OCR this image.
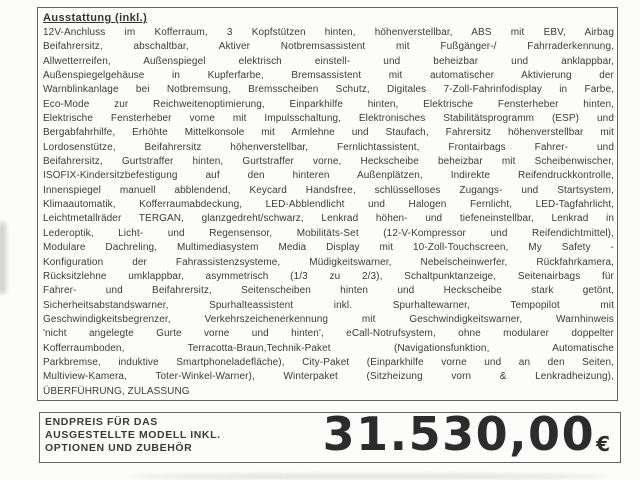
Ausstattung (inkl.)
12V-Anchluss im Kofferraum, 3 Kopfstützen hinten, höhenverstellbar, ABS mit EBV, Airbag
Beifahrersitz, abschaltbar, Aktiver Notbremsassistent mit Fußgänger-/ Fahrraderkennung,
Allwetterreifen, Außenspiegel elektrisch einstell- und beheizbar und anklappbar,
Außenspiegelgehäuse in Kupferfarbe, Bremsassistent mit automatischer Aktivierung der
Warnblinkanlage bei Notbremsung, Bremsscheiben Schutz, Digitales 7-Zoll-Fahrinfodisplay in Farbe,
Eco-Mode zur Reichweitenoptimierung, Einparkhilfe hinten, Elektrische Fensterheber hinten,
Elektrische Fensterheber vorne mit Impulsschaltung, Elektronisches Stabilitätsprogramm (ESP) und
Bergabfahrhilfe, Erhöhte Mittelkonsole mit Armlehne und Staufach, Fahrersitz höhenverstellbar mit
Lordosenstütze, Beifahrersitz höhenverstellbar, Fernlichtassistent, Frontairbags Fahrer- und
Beifahrersitz, Gurtstraffer hinten, Gurtstraffer vorne, Heckscheibe beheizbar mit Scheibenwischer,
ISOFIX-Kindersitzbefestigung auf den hinteren Außenplätzen, Indirekte Reifendruckkontrolle,
Innenspiegel manuell abblendend, Keycard Handsfree, schlüsselloses Zugangs- und Startsystem,
Klimaautomatik, Kofferraumabdeckung, LED-Abblendlicht und Halogen Fernlicht, LED-Tagfahrlicht,
Leichtmetallräder TERGAN, glanzgedreht/schwarz, Lenkrad höhen- und tiefeneinstellbar, Lenkrad in
Lederoptik, Licht- und Regensensor, Mobilitäts-Set (12-V-Kompressor und Reifendichtmittel),
Modulare Dachreling, Multimediasystem Media Display mit 10-Zoll-Touchscreen, My Safety -
Konfiguration der Fahrassistenzsysteme, Müdigkeitswarner, Nebelscheinwerfer, Rückfahrkamera,
Rücksitzlehne umklappbar, asymmetrisch (1/3 zu 2/3), Schaltpunktanzeige, Seitenairbags für
Fahrer- und Beifahrersitz, Seitenscheiben hinten und Heckscheibe stark getönt,
Sicherheitsabstandswarner, Spurhalteassistent inkl. Spurhaltewarner, Tempopilot mit
Geschwindigkeitsbegrenzer, Verkehrszeichenerkennung mit Geschwindigkeitswarner, Warnhinweis
'nicht angelegte Gurte vorne und hinten', eCall-Notrufsystem, ohne modularer doppelter
Kofferraumboden, Terracotta-Braun,Technik-Paket (Navigationsfunktion, Automatische
Parkbremse, induktive Smartphoneladefläche), City-Paket (Einparkhilfe vorne und an den Seiten,
Multiview-Kamera, Toter-Winkel-Warner), Winterpaket (Sitzheizung vorn & Lenkradheizung),
ÜBERFÜHRUNG, ZULASSUNG
ENDPREIS FÜR DAS
AUSGESTELLTE MODELL INKL.
OPTIONEN UND ZUBEHÖR	31.530,00 €
